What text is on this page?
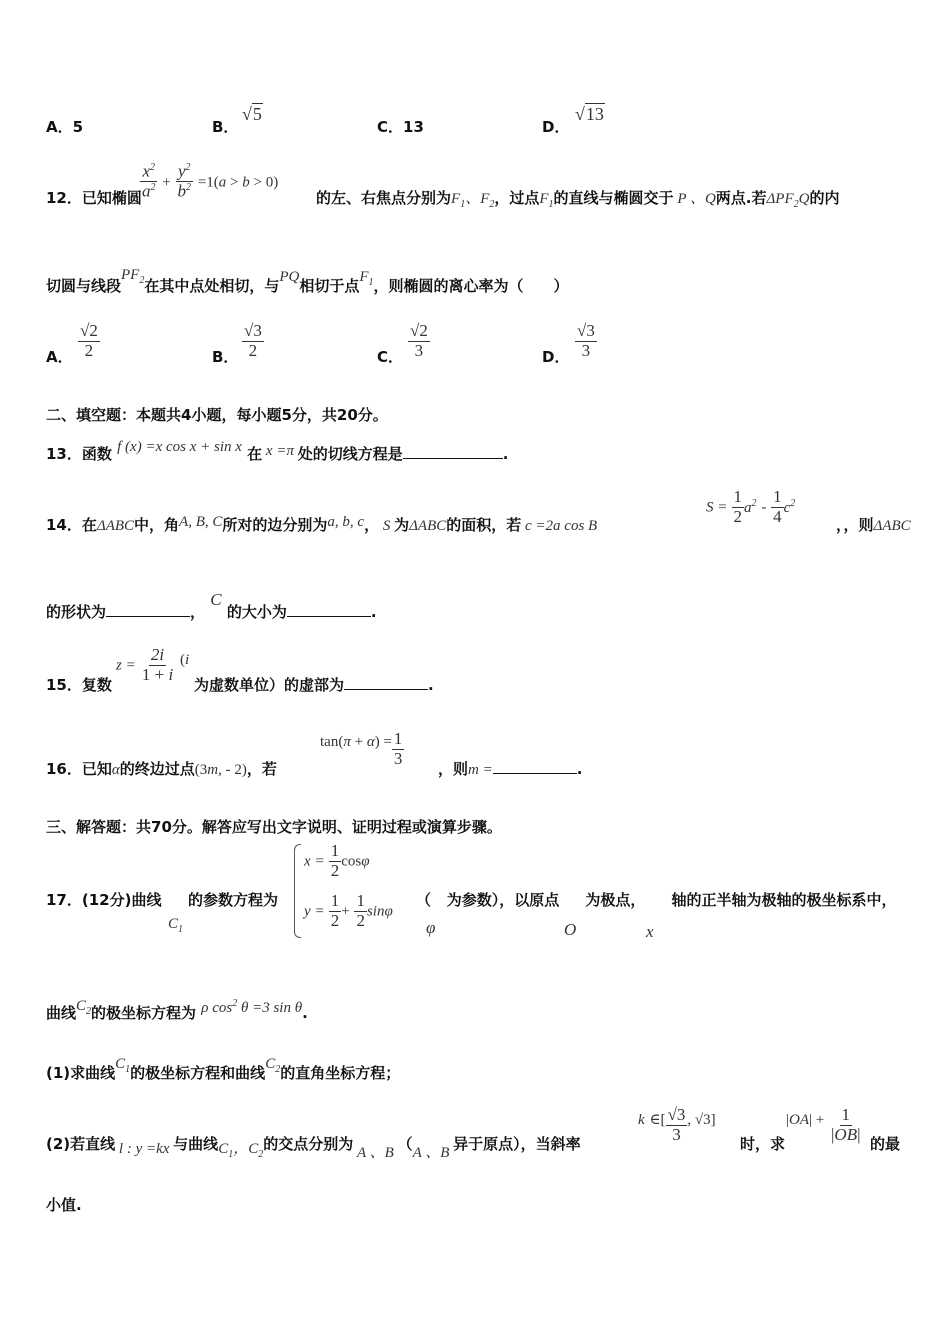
A．5	B．
√5
C．13	D．
√13
12．已知椭圆
$\frac{x^2}{a^2} + \frac{y^2}{b^2} =1(a > b > 0)$
的左、右焦点分别为$F_1$、$F_2$，过点$F_1$的直线与椭圆交于 P 、Q两点.若$\Delta PF_2Q$的内
切圆与线段$PF_2$在其中点处相切，与PQ相切于点$F_1$，则椭圆的离心率为（　　）
A． $\frac{√2}{2}$	B． $\frac{√3}{2}$	C． $\frac{√2}{3}$	D． $\frac{√3}{3}$
二、填空题：本题共4小题，每小题5分，共20分。
13．函数 f (x) =x cos x + sin x 在 x =π 处的切线方程是	.
14．在ΔABC中，角A, B, C所对的边分别为a, b, c， S 为ΔABC的面积，若 c =2a cos B
$S = \frac{1}{2} a^2 - \frac{1}{4} c^2$
，，则ΔABC
的形状为	， C 的大小为	.
15．复数
$z = \frac{2i}{1 + i} (i$
为虚数单位）的虚部为	.
16．已知α的终边过点(3m, - 2)，若
$\tan(\pi + \alpha) = \frac{1}{3}$
，则m =	.
三、解答题：共70分。解答应写出文字说明、证明过程或演算步骤。
17．(12分)曲线
$C_1$
的参数方程为
$x = \frac{1}{2}$ cosφ
$y = \frac{1}{2} + \frac{1}{2}$ sinφ
（ 为参数），以原点 为极点， 轴的正半轴为极轴的极坐标系中，
φ	O	x
曲线$C_2$的极坐标方程为 ρ $\cos^2 \theta =3$ sin θ.
(1)求曲线$C_1$的极坐标方程和曲线$C_2$的直角坐标方程；
(2)若直线 l : y =kx 与曲线$C_1$，$C_2$的交点分别为 A 、B （A 、B 异于原点），当斜率
k ∈[ $\frac{√3}{3}$ , √3]
时，求
$|OA| + \frac{1}{|OB|}$ 的最
小值.
